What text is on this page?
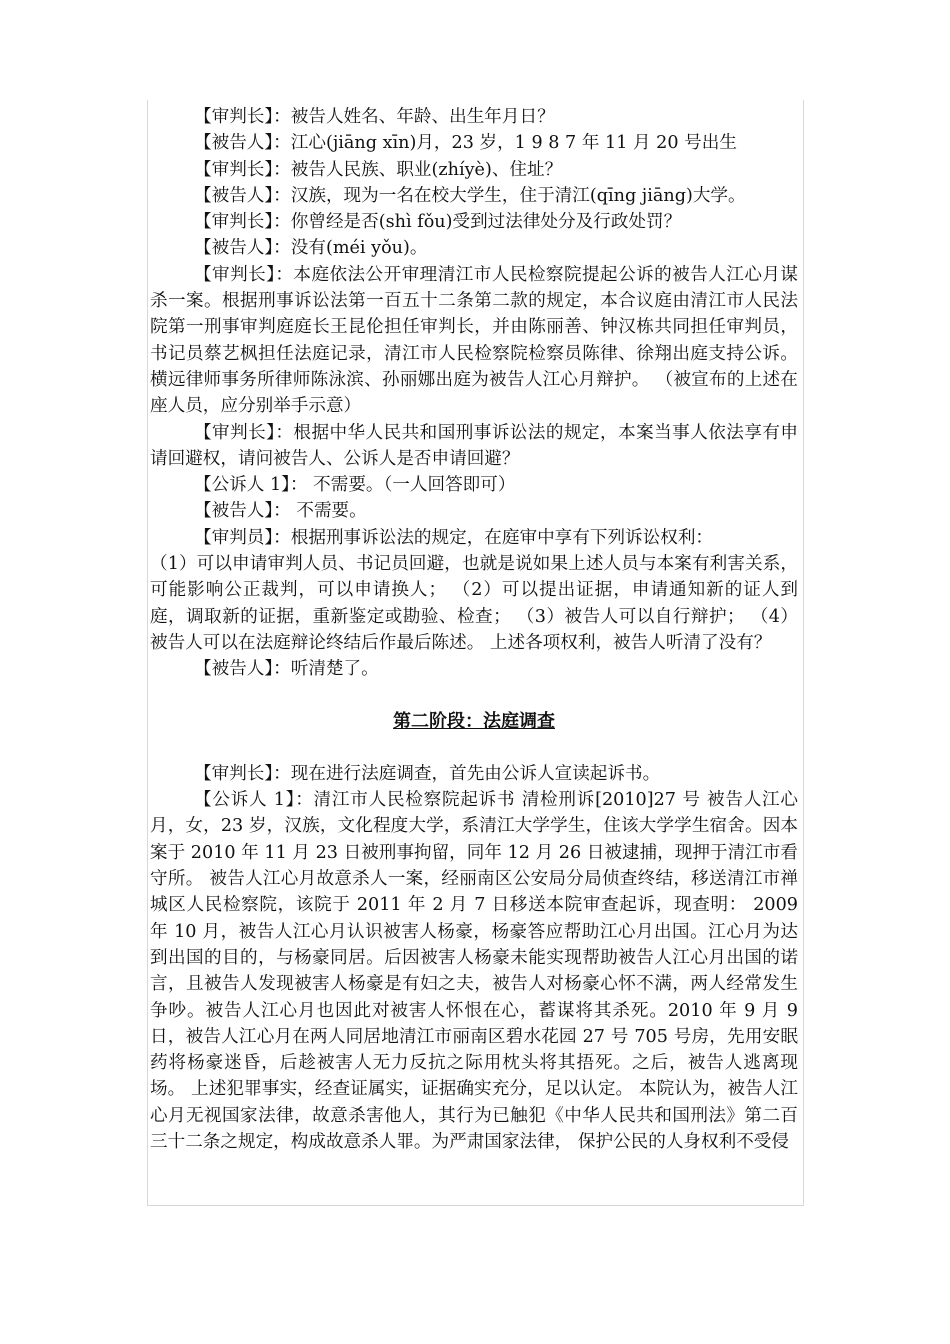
【审判长】：被告人姓名、年龄、出生年月日？

【被告人】：江心(jiāng xīn)月，23 岁，1 9 8 7 年 11 月 20 号出生

【审判长】：被告人民族、职业(zhíyè)、住址？

【被告人】：汉族，现为一名在校大学生，住于清江(qīng jiāng)大学。

【审判长】：你曾经是否(shì fǒu)受到过法律处分及行政处罚？

【被告人】：没有(méi yǒu)。

【审判长】：本庭依法公开审理清江市人民检察院提起公诉的被告人江心月谋杀一案。根据刑事诉讼法第一百五十二条第二款的规定，本合议庭由清江市人民法院第一刑事审判庭庭长王昆伦担任审判长，并由陈丽善、钟汉栋共同担任审判员，书记员蔡艺枫担任法庭记录，清江市人民检察院检察员陈律、徐翔出庭支持公诉。横远律师事务所律师陈泳滨、孙丽娜出庭为被告人江心月辩护。 （被宣布的上述在座人员，应分别举手示意）

【审判长】：根据中华人民共和国刑事诉讼法的规定，本案当事人依法享有申请回避权，请问被告人、公诉人是否申请回避？

【公诉人 1】： 不需要。（一人回答即可）

【被告人】： 不需要。

【审判员】：根据刑事诉讼法的规定，在庭审中享有下列诉讼权利：

（1）可以申请审判人员、书记员回避，也就是说如果上述人员与本案有利害关系，可能影响公正裁判，可以申请换人； （2）可以提出证据，申请通知新的证人到庭，调取新的证据，重新鉴定或勘验、检查； （3）被告人可以自行辩护； （4）被告人可以在法庭辩论终结后作最后陈述。 上述各项权利，被告人听清了没有？

【被告人】：听清楚了。

第二阶段：法庭调查

【审判长】：现在进行法庭调查，首先由公诉人宣读起诉书。

【公诉人 1】：清江市人民检察院起诉书 清检刑诉[2010]27 号 被告人江心月，女，23 岁，汉族，文化程度大学，系清江大学学生，住该大学学生宿舍。因本案于 2010 年 11 月 23 日被刑事拘留，同年 12 月 26 日被逮捕，现押于清江市看守所。 被告人江心月故意杀人一案，经丽南区公安局分局侦查终结，移送清江市禅城区人民检察院，该院于 2011 年 2 月 7 日移送本院审查起诉，现查明： 2009 年 10 月，被告人江心月认识被害人杨豪，杨豪答应帮助江心月出国。江心月为达到出国的目的，与杨豪同居。后因被害人杨豪未能实现帮助被告人江心月出国的诺言，且被告人发现被害人杨豪是有妇之夫，被告人对杨豪心怀不满，两人经常发生争吵。被告人江心月也因此对被害人怀恨在心，蓄谋将其杀死。2010 年 9 月 9 日，被告人江心月在两人同居地清江市丽南区碧水花园 27 号 705 号房，先用安眠药将杨豪迷昏，后趁被害人无力反抗之际用枕头将其捂死。之后，被告人逃离现场。 上述犯罪事实，经查证属实，证据确实充分，足以认定。 本院认为，被告人江心月无视国家法律，故意杀害他人，其行为已触犯《中华人民共和国刑法》第二百三十二条之规定，构成故意杀人罪。为严肃国家法律， 保护公民的人身权利不受侵
